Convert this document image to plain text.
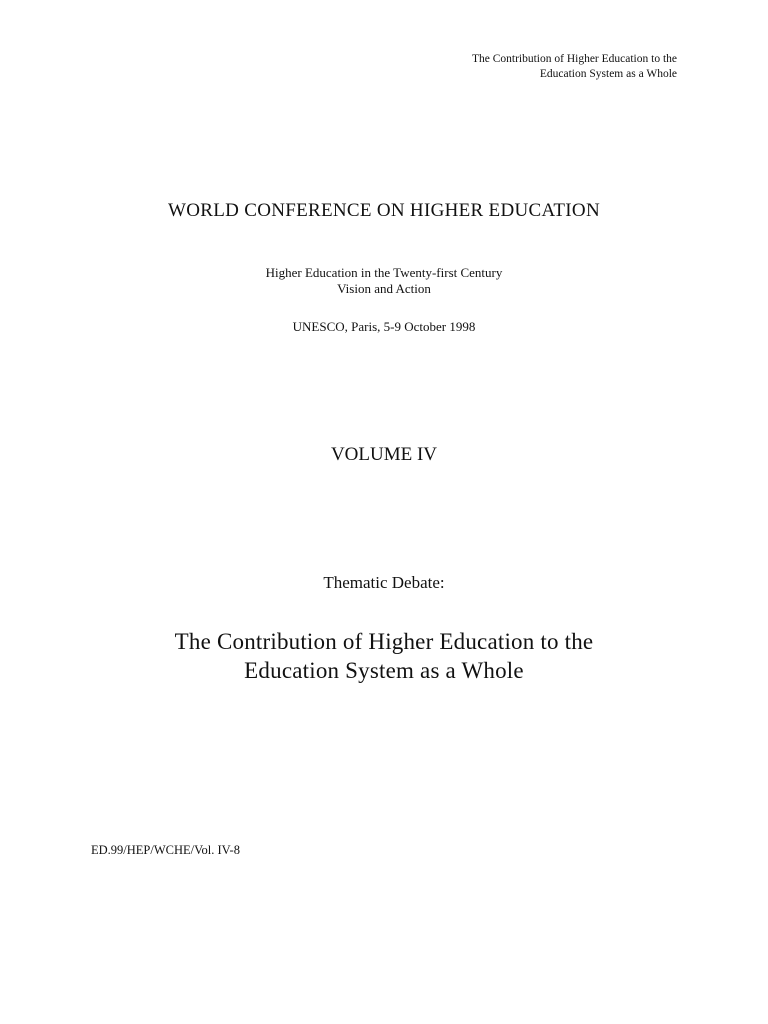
The Contribution of Higher Education to the
Education System as a Whole
WORLD CONFERENCE ON HIGHER EDUCATION
Higher Education in the Twenty-first Century
Vision and Action
UNESCO, Paris, 5-9 October 1998
VOLUME IV
Thematic Debate:
The Contribution of Higher Education to the
Education System as a Whole
ED.99/HEP/WCHE/Vol. IV-8
